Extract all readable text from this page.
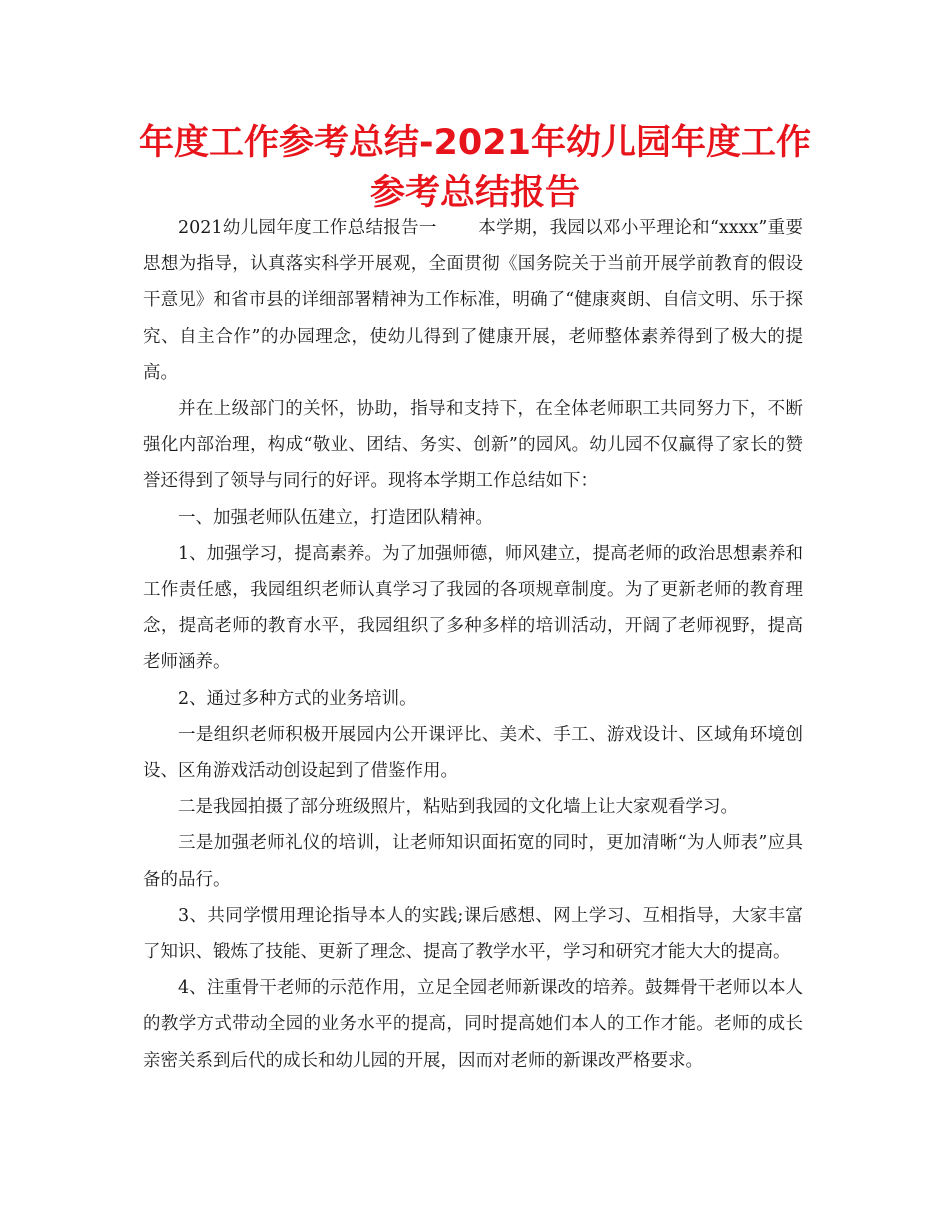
年度工作参考总结-2021年幼儿园年度工作参考总结报告

2021幼儿园年度工作总结报告一 　　本学期，我园以邓小平理论和“xxxx”重要思想为指导，认真落实科学开展观，全面贯彻《国务院关于当前开展学前教育的假设干意见》和省市县的详细部署精神为工作标准，明确了“健康爽朗、自信文明、乐于探究、自主合作”的办园理念，使幼儿得到了健康开展，老师整体素养得到了极大的提高。

并在上级部门的关怀，协助，指导和支持下，在全体老师职工共同努力下，不断强化内部治理，构成“敬业、团结、务实、创新”的园风。幼儿园不仅赢得了家长的赞誉还得到了领导与同行的好评。现将本学期工作总结如下：

一、加强老师队伍建立，打造团队精神。

1、加强学习，提高素养。为了加强师德，师风建立，提高老师的政治思想素养和工作责任感，我园组织老师认真学习了我园的各项规章制度。为了更新老师的教育理念，提高老师的教育水平，我园组织了多种多样的培训活动，开阔了老师视野，提高老师涵养。

2、通过多种方式的业务培训。

一是组织老师积极开展园内公开课评比、美术、手工、游戏设计、区域角环境创设、区角游戏活动创设起到了借鉴作用。

二是我园拍摄了部分班级照片，粘贴到我园的文化墙上让大家观看学习。

三是加强老师礼仪的培训，让老师知识面拓宽的同时，更加清晰“为人师表”应具备的品行。

3、共同学惯用理论指导本人的实践;课后感想、网上学习、互相指导，大家丰富了知识、锻炼了技能、更新了理念、提高了教学水平，学习和研究才能大大的提高。

4、注重骨干老师的示范作用，立足全园老师新课改的培养。鼓舞骨干老师以本人的教学方式带动全园的业务水平的提高，同时提高她们本人的工作才能。老师的成长亲密关系到后代的成长和幼儿园的开展，因而对老师的新课改严格要求。
